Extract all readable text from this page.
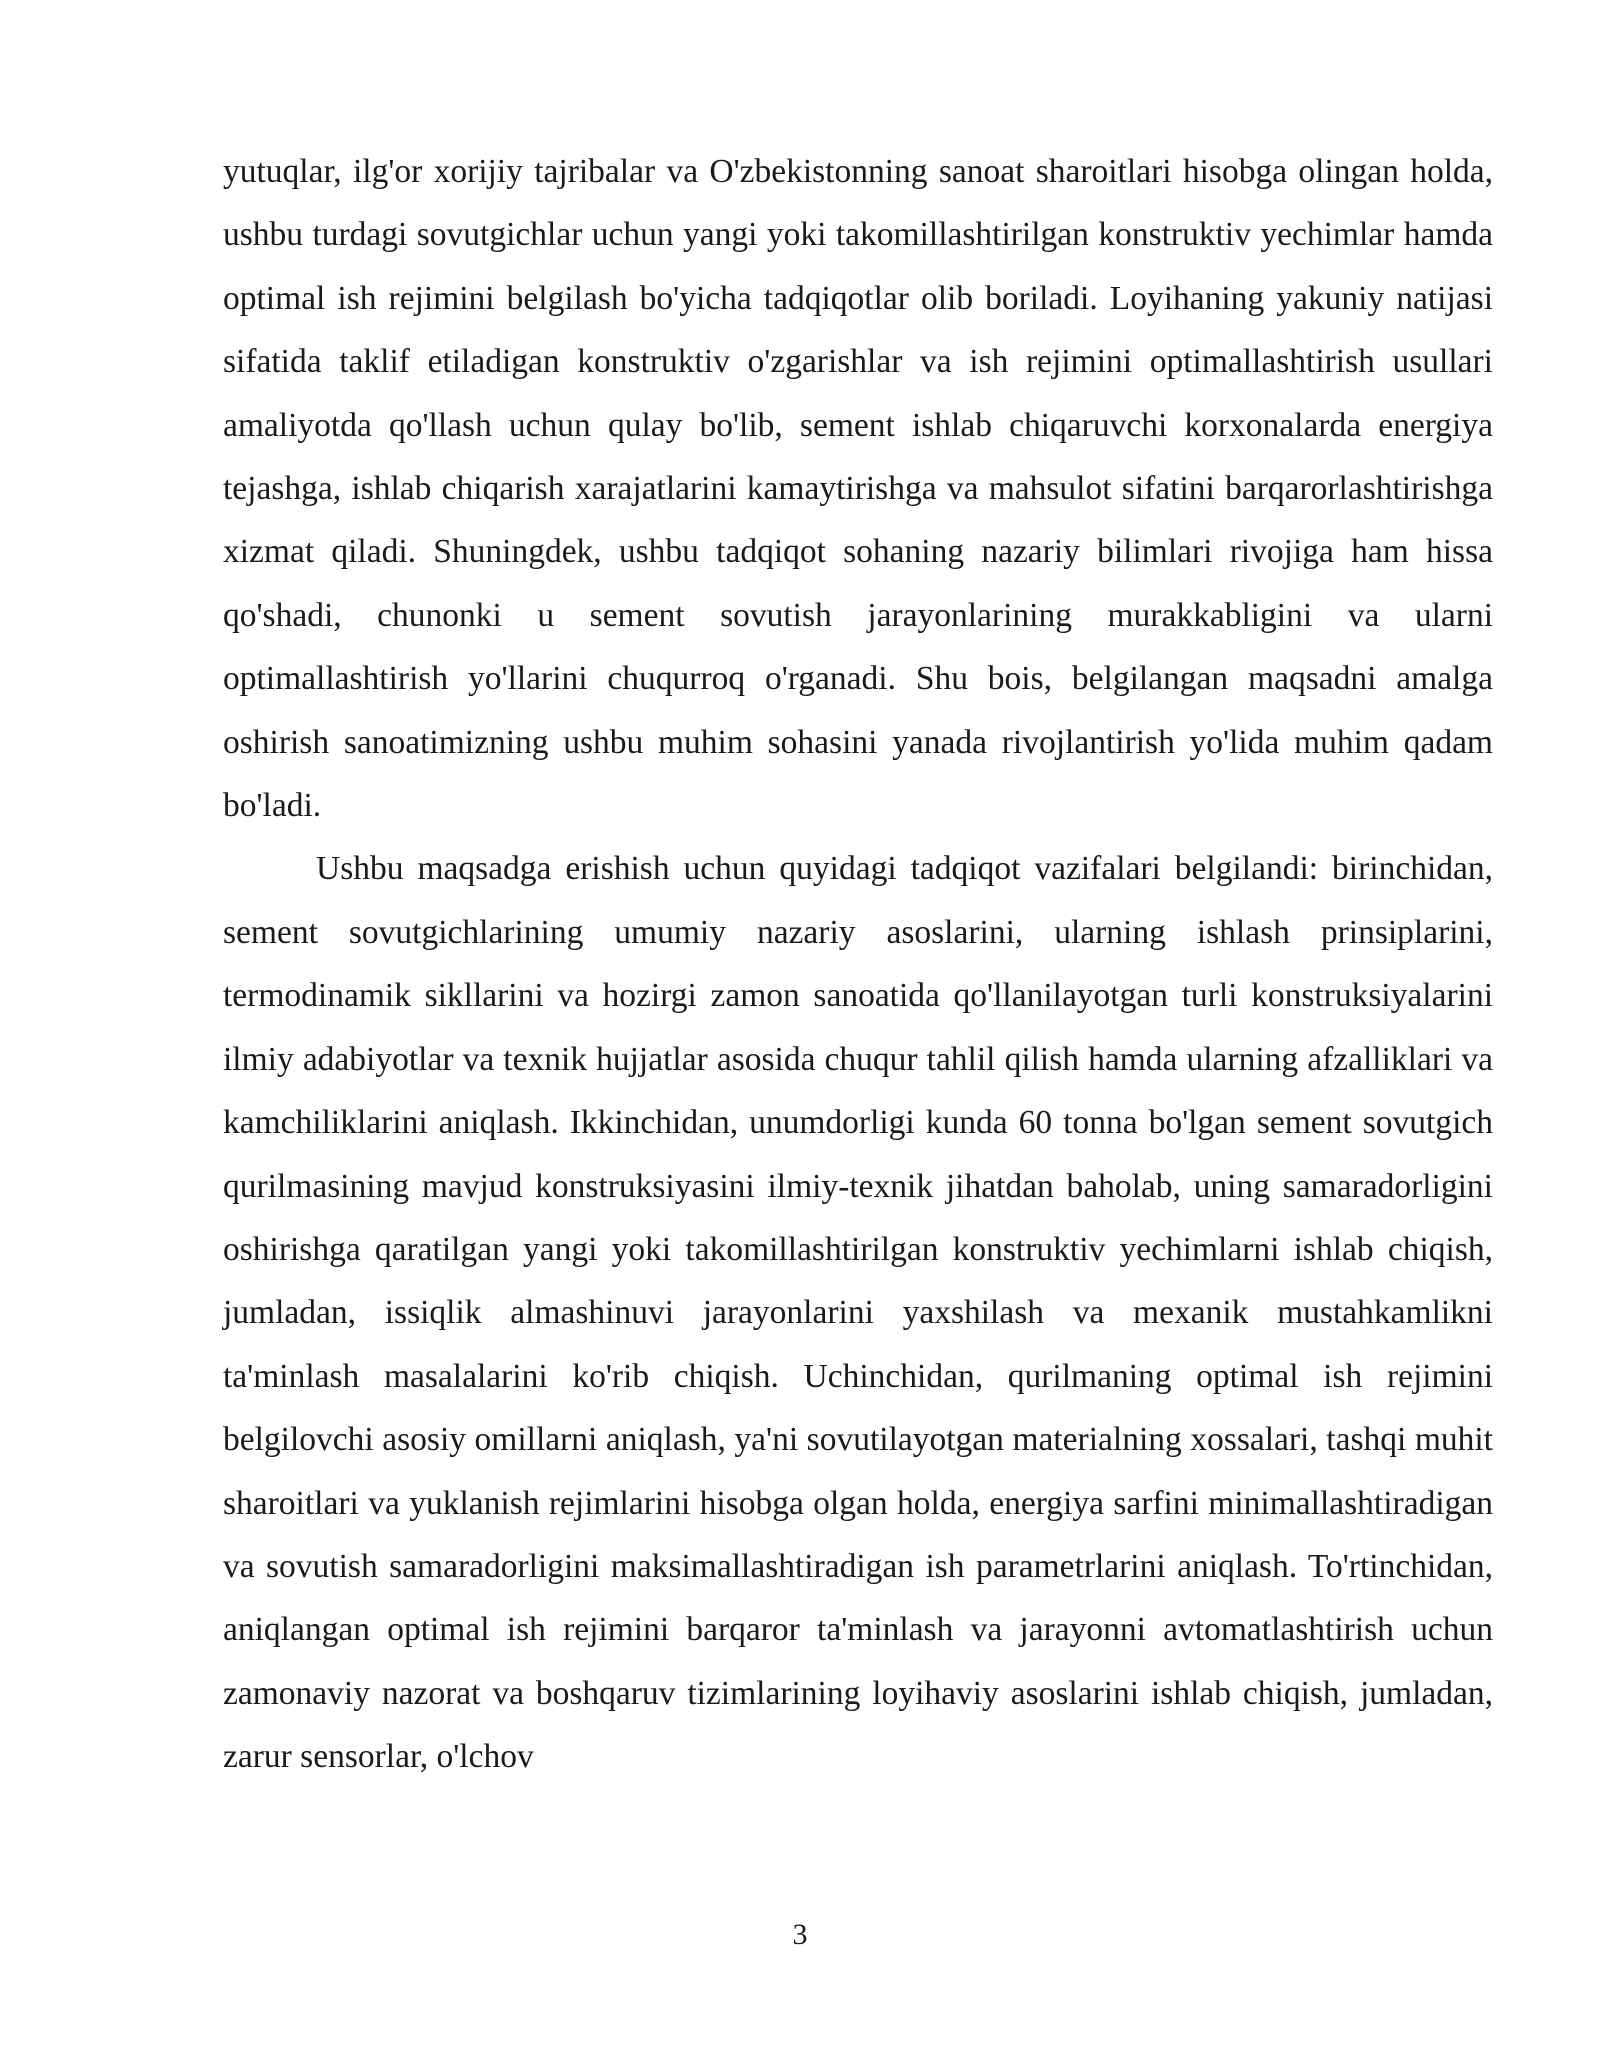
yutuqlar, ilg'or xorijiy tajribalar va O'zbekistonning sanoat sharoitlari hisobga olingan holda, ushbu turdagi sovutgichlar uchun yangi yoki takomillashtirilgan konstruktiv yechimlar hamda optimal ish rejimini belgilash bo'yicha tadqiqotlar olib boriladi. Loyihaning yakuniy natijasi sifatida taklif etiladigan konstruktiv o'zgarishlar va ish rejimini optimallashtirish usullari amaliyotda qo'llash uchun qulay bo'lib, sement ishlab chiqaruvchi korxonalarda energiya tejashga, ishlab chiqarish xarajatlarini kamaytirishga va mahsulot sifatini barqarorlashtirishga xizmat qiladi. Shuningdek, ushbu tadqiqot sohaning nazariy bilimlari rivojiga ham hissa qo'shadi, chunonki u sement sovutish jarayonlarining murakkabligini va ularni optimallashtirish yo'llarini chuqurroq o'rganadi. Shu bois, belgilangan maqsadni amalga oshirish sanoatimizning ushbu muhim sohasini yanada rivojlantirish yo'lida muhim qadam bo'ladi.

Ushbu maqsadga erishish uchun quyidagi tadqiqot vazifalari belgilandi: birinchidan, sement sovutgichlarining umumiy nazariy asoslarini, ularning ishlash prinsiplarini, termodinamik sikllarini va hozirgi zamon sanoatida qo'llanilayotgan turli konstruksiyalarini ilmiy adabiyotlar va texnik hujjatlar asosida chuqur tahlil qilish hamda ularning afzalliklari va kamchiliklarini aniqlash. Ikkinchidan, unumdorligi kunda 60 tonna bo'lgan sement sovutgich qurilmasining mavjud konstruksiyasini ilmiy-texnik jihatdan baholab, uning samaradorligini oshirishga qaratilgan yangi yoki takomillashtirilgan konstruktiv yechimlarni ishlab chiqish, jumladan, issiqlik almashinuvi jarayonlarini yaxshilash va mexanik mustahkamlikni ta'minlash masalalarini ko'rib chiqish. Uchinchidan, qurilmaning optimal ish rejimini belgilovchi asosiy omillarni aniqlash, ya'ni sovutilayotgan materialning xossalari, tashqi muhit sharoitlari va yuklanish rejimlarini hisobga olgan holda, energiya sarfini minimallashtiradigan va sovutish samaradorligini maksimallashtiradigan ish parametrlarini aniqlash. To'rtinchidan, aniqlangan optimal ish rejimini barqaror ta'minlash va jarayonni avtomatlashtirish uchun zamonaviy nazorat va boshqaruv tizimlarining loyihaviy asoslarini ishlab chiqish, jumladan, zarur sensorlar, o'lchov

3
